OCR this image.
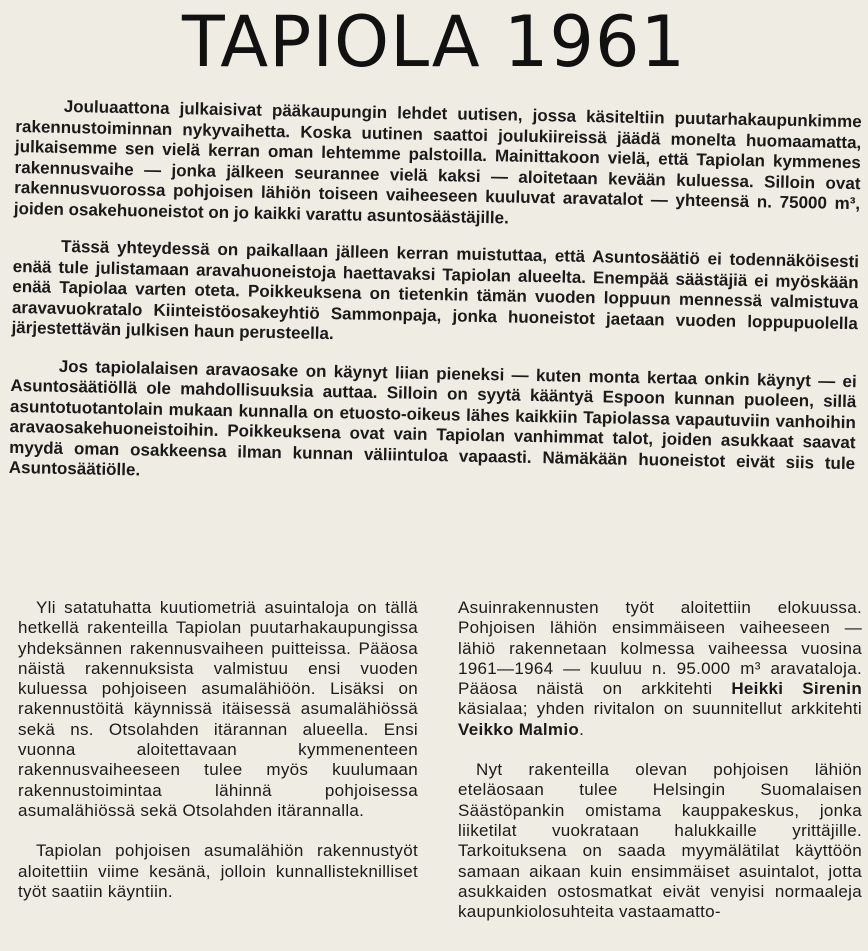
TAPIOLA 1961

Jouluaattona julkaisivat pääkaupungin lehdet uutisen, jossa käsiteltiin puutarhakaupunkimme rakennustoiminnan nykyvaihetta. Koska uutinen saattoi joulukiireissä jäädä monelta huomaamatta, julkaisemme sen vielä kerran oman lehtemme palstoilla. Mainittakoon vielä, että Tapiolan kymmenes rakennusvaihe — jonka jälkeen seurannee vielä kaksi — aloitetaan kevään kuluessa. Silloin ovat rakennusvuorossa pohjoisen lähiön toiseen vaiheeseen kuuluvat aravatalot — yhteensä n. 75000 m³, joiden osakehuoneistot on jo kaikki varattu asuntosäästäjille.

Tässä yhteydessä on paikallaan jälleen kerran muistuttaa, että Asuntosäätiö ei todennäköisesti enää tule julistamaan aravahuoneistoja haettavaksi Tapiolan alueelta. Enempää säästäjiä ei myöskään enää Tapiolaa varten oteta. Poikkeuksena on tietenkin tämän vuoden loppuun mennessä valmistuva aravavuokratalo Kiinteistöosakeyhtiö Sammonpaja, jonka huoneistot jaetaan vuoden loppupuolella järjestettävän julkisen haun perusteella.

Jos tapiolalaisen aravaosake on käynyt liian pieneksi — kuten monta kertaa onkin käynyt — ei Asuntosäätiöllä ole mahdollisuuksia auttaa. Silloin on syytä kääntyä Espoon kunnan puoleen, sillä asuntotuotantolain mukaan kunnalla on etuosto-oikeus lähes kaikkiin Tapiolassa vapautuviin vanhoihin aravaosakehuoneistoihin. Poikkeuksena ovat vain Tapiolan vanhimmat talot, joiden asukkaat saavat myydä oman osakkeensa ilman kunnan väliintuloa vapaasti. Nämäkään huoneistot eivät siis tule Asuntosäätiölle.

Yli satatuhatta kuutiometriä asuintaloja on tällä hetkellä rakenteilla Tapiolan puutarhakaupungissa yhdeksännen rakennusvaiheen puitteissa. Pääosa näistä rakennuksista valmistuu ensi vuoden kuluessa pohjoiseen asumalähiöön. Lisäksi on rakennustöitä käynnissä itäisessä asumalähiössä sekä ns. Otsolahden itärannan alueella. Ensi vuonna aloitettavaan kymmenenteen rakennusvaiheeseen tulee myös kuulumaan rakennustoimintaa lähinnä pohjoisessa asumalähiössä sekä Otsolahden itärannalla.

Tapiolan pohjoisen asumalähiön rakennustyöt aloitettiin viime kesänä, jolloin kunnallisteknilliset työt saatiin käyntiin.

Asuinrakennusten työt aloitettiin elokuussa. Pohjoisen lähiön ensimmäiseen vaiheeseen — lähiö rakennetaan kolmessa vaiheessa vuosina 1961—1964 — kuuluu n. 95.000 m³ aravataloja. Pääosa näistä on arkkitehti Heikki Sirenin käsialaa; yhden rivitalon on suunnitellut arkkitehti Veikko Malmio.

Nyt rakenteilla olevan pohjoisen lähiön eteläosaan tulee Helsingin Suomalaisen Säästöpankin omistama kauppakeskus, jonka liiketilat vuokrataan halukkaille yrittäjille. Tarkoituksena on saada myymälätilat käyttöön samaan aikaan kuin ensimmäiset asuintalot, jotta asukkaiden ostosmatkat eivät venyisi normaaleja kaupunkiolosuhteita vastaamatto-
